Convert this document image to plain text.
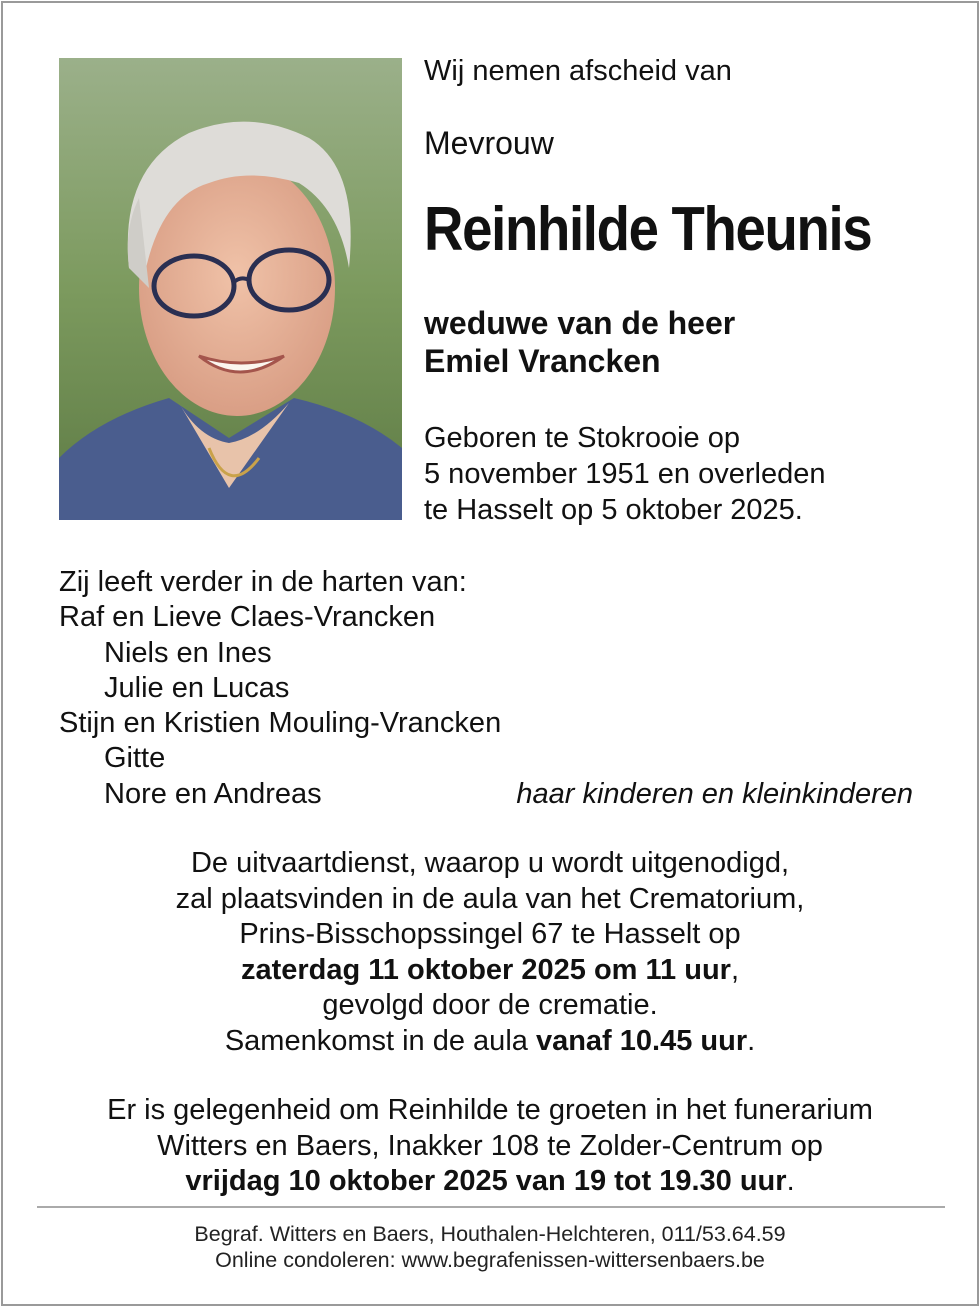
Wij nemen afscheid van
Mevrouw
Reinhilde Theunis
weduwe van de heer
Emiel Vrancken
Geboren te Stokrooie op
5 november 1951 en overleden
te Hasselt op 5 oktober 2025.
Zij leeft verder in de harten van:
Raf en Lieve Claes-Vrancken
Niels en Ines
Julie en Lucas
Stijn en Kristien Mouling-Vrancken
Gitte
Nore en Andreas	haar kinderen en kleinkinderen
De uitvaartdienst, waarop u wordt uitgenodigd,
zal plaatsvinden in de aula van het Crematorium,
Prins-Bisschopssingel 67 te Hasselt op
zaterdag 11 oktober 2025 om 11 uur,
gevolgd door de crematie.
Samenkomst in de aula vanaf 10.45 uur.
Er is gelegenheid om Reinhilde te groeten in het funerarium
Witters en Baers, Inakker 108 te Zolder-Centrum op
vrijdag 10 oktober 2025 van 19 tot 19.30 uur.
Begraf. Witters en Baers, Houthalen-Helchteren, 011/53.64.59
Online condoleren: www.begrafenissen-wittersenbaers.be
